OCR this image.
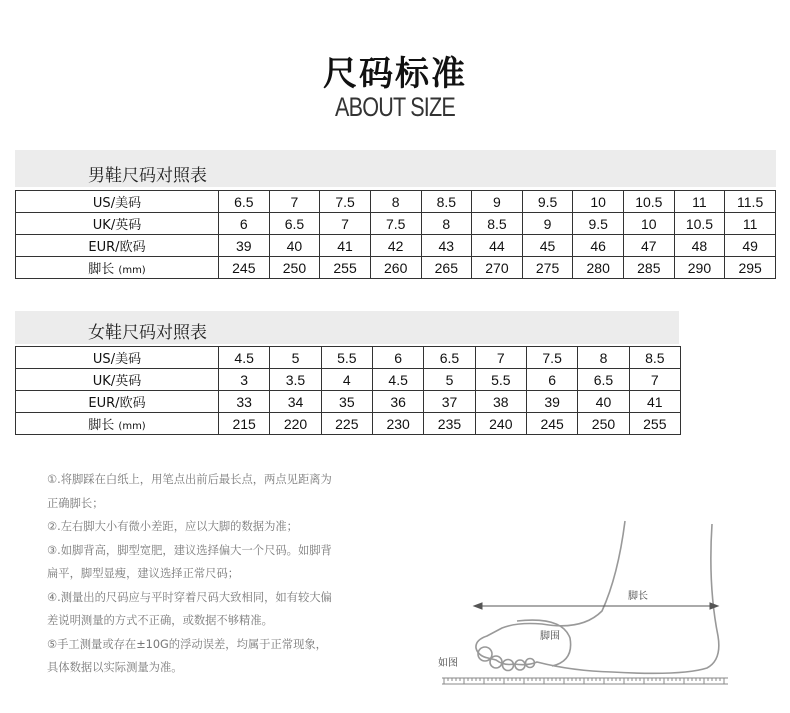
尺码标准
ABOUT SIZE
男鞋尺码对照表
US/美码	6.5	7	7.5	8	8.5	9	9.5	10	10.5	11	11.5
UK/英码	6	6.5	7	7.5	8	8.5	9	9.5	10	10.5	11
EUR/欧码	39	40	41	42	43	44	45	46	47	48	49
脚长 (mm)	245	250	255	260	265	270	275	280	285	290	295
女鞋尺码对照表
US/美码	4.5	5	5.5	6	6.5	7	7.5	8	8.5
UK/英码	3	3.5	4	4.5	5	5.5	6	6.5	7
EUR/欧码	33	34	35	36	37	38	39	40	41
脚长 (mm)	215	220	225	230	235	240	245	250	255

①.将脚踩在白纸上，用笔点出前后最长点，两点见距离为

正确脚长；

②.左右脚大小有微小差距，应以大脚的数据为准；

③.如脚背高，脚型宽肥，建议选择偏大一个尺码。如脚背

扁平，脚型显瘦，建议选择正常尺码；

④.测量出的尺码应与平时穿着尺码大致相同，如有较大偏

差说明测量的方式不正确，或数据不够精准。

⑤手工测量或存在±10G的浮动误差，均属于正常现象，

具体数据以实际测量为准。

脚长
脚围
如图
